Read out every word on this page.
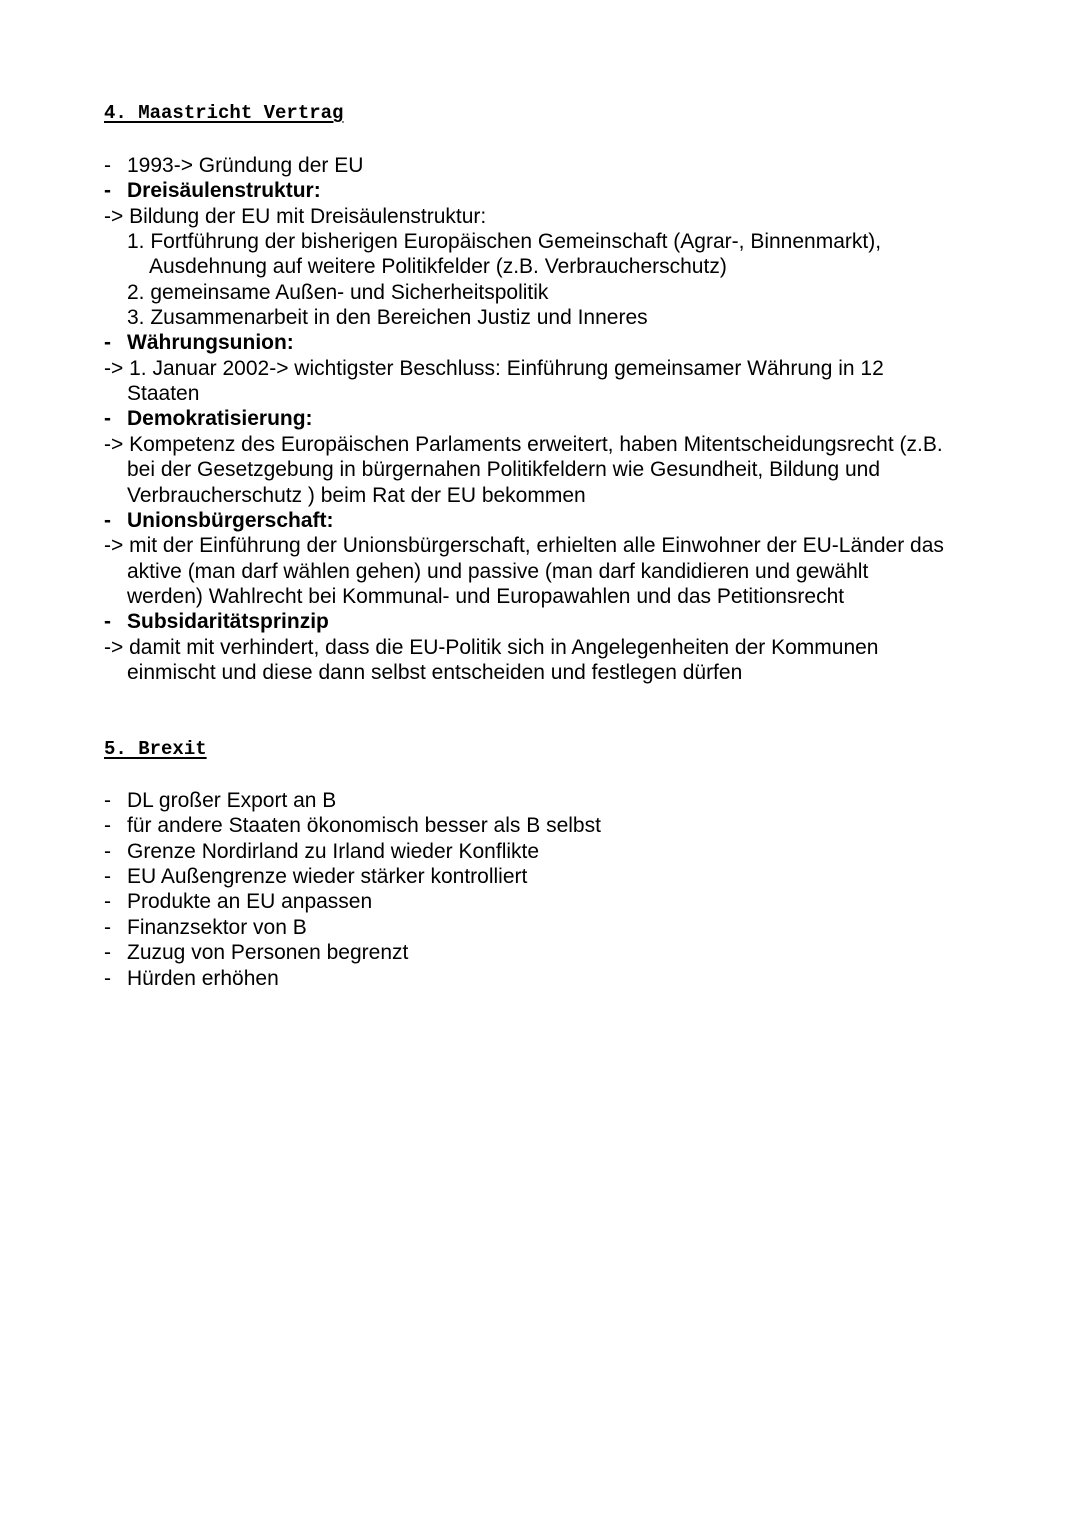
4. Maastricht Vertrag
- 1993-> Gründung der EU
- Dreisäulenstruktur:
-> Bildung der EU mit Dreisäulenstruktur:
1. Fortführung der bisherigen Europäischen Gemeinschaft (Agrar-, Binnenmarkt),
Ausdehnung auf weitere Politikfelder (z.B. Verbraucherschutz)
2. gemeinsame Außen- und Sicherheitspolitik
3. Zusammenarbeit in den Bereichen Justiz und Inneres
- Währungsunion:
-> 1. Januar 2002-> wichtigster Beschluss: Einführung gemeinsamer Währung in 12
Staaten
- Demokratisierung:
-> Kompetenz des Europäischen Parlaments erweitert, haben Mitentscheidungsrecht (z.B.
bei der Gesetzgebung in bürgernahen Politikfeldern wie Gesundheit, Bildung und
Verbraucherschutz ) beim Rat der EU bekommen
- Unionsbürgerschaft:
-> mit der Einführung der Unionsbürgerschaft, erhielten alle Einwohner der EU-Länder das
aktive (man darf wählen gehen) und passive (man darf kandidieren und gewählt
werden) Wahlrecht bei Kommunal- und Europawahlen und das Petitionsrecht
- Subsidaritätsprinzip
-> damit mit verhindert, dass die EU-Politik sich in Angelegenheiten der Kommunen
einmischt und diese dann selbst entscheiden und festlegen dürfen
5. Brexit
- DL großer Export an B
- für andere Staaten ökonomisch besser als B selbst
- Grenze Nordirland zu Irland wieder Konflikte
- EU Außengrenze wieder stärker kontrolliert
- Produkte an EU anpassen
- Finanzsektor von B
- Zuzug von Personen begrenzt
- Hürden erhöhen
